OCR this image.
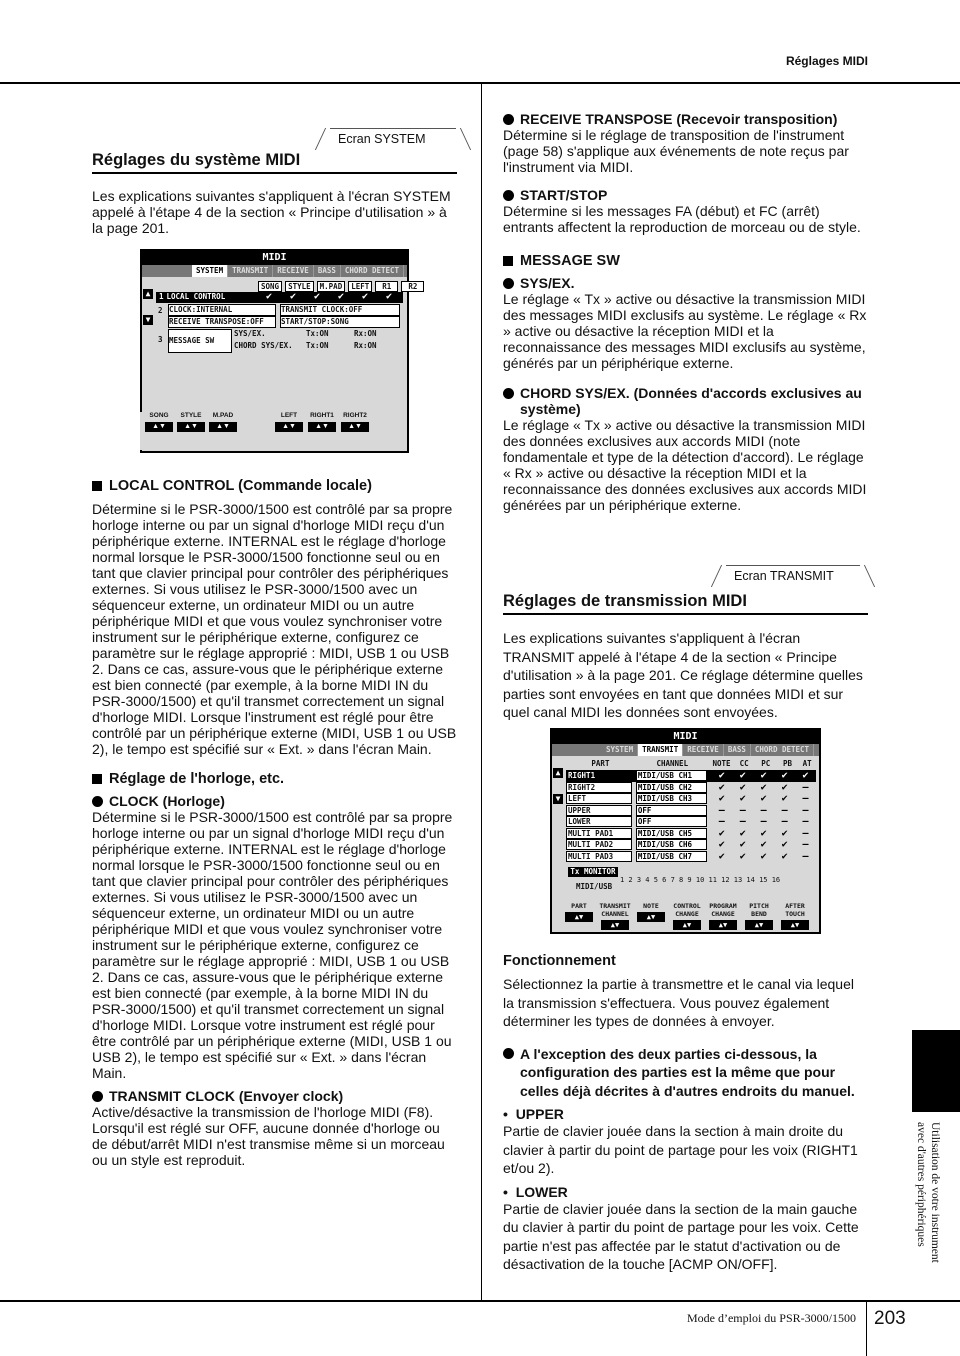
Réglages MIDI
Mode d’emploi du PSR-3000/1500 203
Utilisation de votre instrument
avec d'autres périphériques
Ecran SYSTEM
Réglages du système MIDI

Les explications suivantes s'appliquent à l'écran SYSTEM appelé à l'étape 4 de la section « Principe d'utilisation » à la page 201.

MIDI
SYSTEM	TRANSMIT	RECEIVE	BASS	CHORD DETECT
▲
▼
SONG	STYLE	M.PAD	LEFT	R1	R2
1 LOCAL CONTROL	✔	✔	✔	✔	✔	✔
2 CLOCK:INTERNAL	TRANSMIT CLOCK:OFF
RECEIVE TRANSPOSE:OFF	START/STOP:SONG
3 MESSAGE SW
SYS/EX.	Tx:ON	Rx:ON
CHORD SYS/EX.	Tx:ON	Rx:ON
SONG
▲▼
STYLE
▲▼
M.PAD
▲▼
LEFT
▲▼
RIGHT1
▲▼
RIGHT2
▲▼
LOCAL CONTROL (Commande locale)

Détermine si le PSR-3000/1500 est contrôlé par sa propre horloge interne ou par un signal d'horloge MIDI reçu d'un périphérique externe. INTERNAL est le réglage d'horloge normal lorsque le PSR-3000/1500 fonctionne seul ou en tant que clavier principal pour contrôler des périphériques externes. Si vous utilisez le PSR-3000/1500 avec un séquenceur externe, un ordinateur MIDI ou un autre périphérique MIDI et que vous voulez synchroniser votre instrument sur le périphérique externe, configurez ce paramètre sur le réglage approprié : MIDI, USB 1 ou USB 2. Dans ce cas, assure-vous que le périphérique externe est bien connecté (par exemple, à la borne MIDI IN du PSR-3000/1500) et qu'il transmet correctement un signal d'horloge MIDI. Lorsque l'instrument est réglé pour être contrôlé par un périphérique externe (MIDI, USB 1 ou USB 2), le tempo est spécifié sur « Ext. » dans l'écran Main.

Réglage de l'horloge, etc.
CLOCK (Horloge)

Détermine si le PSR-3000/1500 est contrôlé par sa propre horloge interne ou par un signal d'horloge MIDI reçu d'un périphérique externe. INTERNAL est le réglage d'horloge normal lorsque le PSR-3000/1500 fonctionne seul ou en tant que clavier principal pour contrôler des périphériques externes. Si vous utilisez le PSR-3000/1500 avec un séquenceur externe, un ordinateur MIDI ou un autre périphérique MIDI et que vous voulez synchroniser votre instrument sur le périphérique externe, configurez ce paramètre sur le réglage approprié : MIDI, USB 1 ou USB 2. Dans ce cas, assure-vous que le périphérique externe est bien connecté (par exemple, à la borne MIDI IN du PSR-3000/1500) et qu'il transmet correctement un signal d'horloge MIDI. Lorsque votre instrument est réglé pour être contrôlé par un périphérique externe (MIDI, USB 1 ou USB 2), le tempo est spécifié sur « Ext. » dans l'écran Main.

TRANSMIT CLOCK (Envoyer clock)

Active/désactive la transmission de l'horloge MIDI (F8). Lorsqu'il est réglé sur OFF, aucune donnée d'horloge ou de début/arrêt MIDI n'est transmise même si un morceau ou un style est reproduit.

RECEIVE TRANSPOSE (Recevoir transposition)

Détermine si le réglage de transposition de l'instrument (page 58) s'applique aux événements de note reçus par l'instrument via MIDI.

START/STOP

Détermine si les messages FA (début) et FC (arrêt) entrants affectent la reproduction de morceau ou de style.

MESSAGE SW
SYS/EX.

Le réglage « Tx » active ou désactive la transmission MIDI des messages MIDI exclusifs au système. Le réglage « Rx » active ou désactive la réception MIDI et la reconnaissance des messages MIDI exclusifs au système, générés par un périphérique externe.

CHORD SYS/EX. (Données d'accords exclusives au système)

Le réglage « Tx » active ou désactive la transmission MIDI des données exclusives aux accords MIDI (note fondamentale et type de la détection d'accord). Le réglage « Rx » active ou désactive la réception MIDI et la reconnaissance des données exclusives aux accords MIDI générées par un périphérique externe.

Ecran TRANSMIT
Réglages de transmission MIDI

Les explications suivantes s'appliquent à l'écran TRANSMIT appelé à l'étape 4 de la section « Principe d'utilisation » à la page 201. Ce réglage détermine quelles parties sont envoyées en tant que données MIDI et sur quel canal MIDI les données sont envoyées.

MIDI
SYSTEM	TRANSMIT	RECEIVE	BASS	CHORD DETECT
▲
▼
PART	CHANNEL	NOTE	CC	PC	PB	AT
RIGHT1	MIDI/USB CH1	✔	✔	✔	✔	✔
RIGHT2	MIDI/USB CH2	✔	✔	✔	✔	—
LEFT	MIDI/USB CH3	✔	✔	✔	✔	—
UPPER	OFF	—	—	—	—	—
LOWER	OFF	—	—	—	—	—
MULTI PAD1	MIDI/USB CH5	✔	✔	✔	✔	—
MULTI PAD2	MIDI/USB CH6	✔	✔	✔	✔	—
MULTI PAD3	MIDI/USB CH7	✔	✔	✔	✔	—
Tx MONITOR
MIDI/USB
1 2 3 4 5 6 7 8 9 10 11 12 13 14 15 16
PART
▲▼
TRANSMIT CHANNEL
▲▼
NOTE
▲▼
CONTROL CHANGE
▲▼
PROGRAM CHANGE
▲▼
PITCH BEND
▲▼
AFTER TOUCH
▲▼
Fonctionnement

Sélectionnez la partie à transmettre et le canal via lequel la transmission s'effectuera. Vous pouvez également déterminer les types de données à envoyer.

A l'exception des deux parties ci-dessous, la configuration des parties est la même que pour celles déjà décrites à d'autres endroits du manuel.
•  UPPER

Partie de clavier jouée dans la section à main droite du clavier à partir du point de partage pour les voix (RIGHT1 et/ou 2).

•  LOWER

Partie de clavier jouée dans la section de la main gauche du clavier à partir du point de partage pour les voix. Cette partie n'est pas affectée par le statut d'activation ou de désactivation de la touche [ACMP ON/OFF].
